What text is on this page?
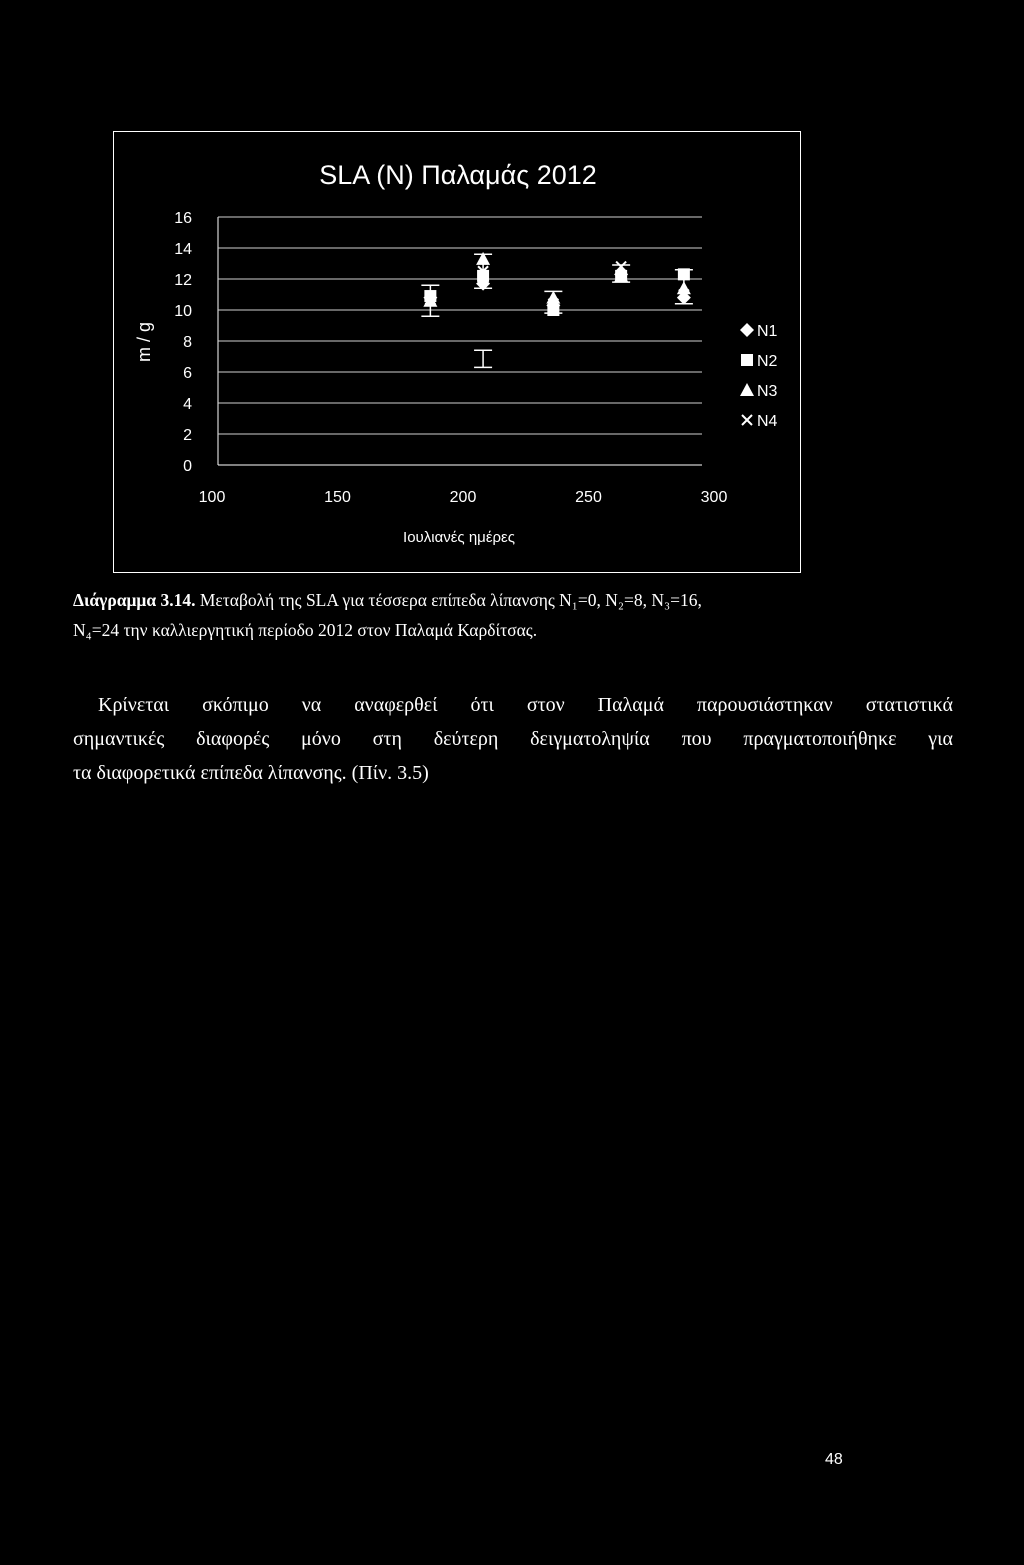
SLA (N) Παλαμάς 2012
0
2
4
6
8
10
12
14
16
m / g
100	150	200	250	300
Ιουλιανές ημέρες
N1
N2
N3
N4
Διάγραμμα 3.14. Μεταβολή της SLA για τέσσερα επίπεδα λίπανσης N₁=0, N₂=8, N₃=16,
N₄=24 την καλλιεργητική περίοδο 2012 στον Παλαμά Καρδίτσας.
Κρίνεται σκόπιμο να αναφερθεί ότι στον Παλαμά παρουσιάστηκαν στατιστικά
σημαντικές διαφορές μόνο στη δεύτερη δειγματοληψία που πραγματοποιήθηκε για
τα διαφορετικά επίπεδα λίπανσης. (Πίν. 3.5)
48
